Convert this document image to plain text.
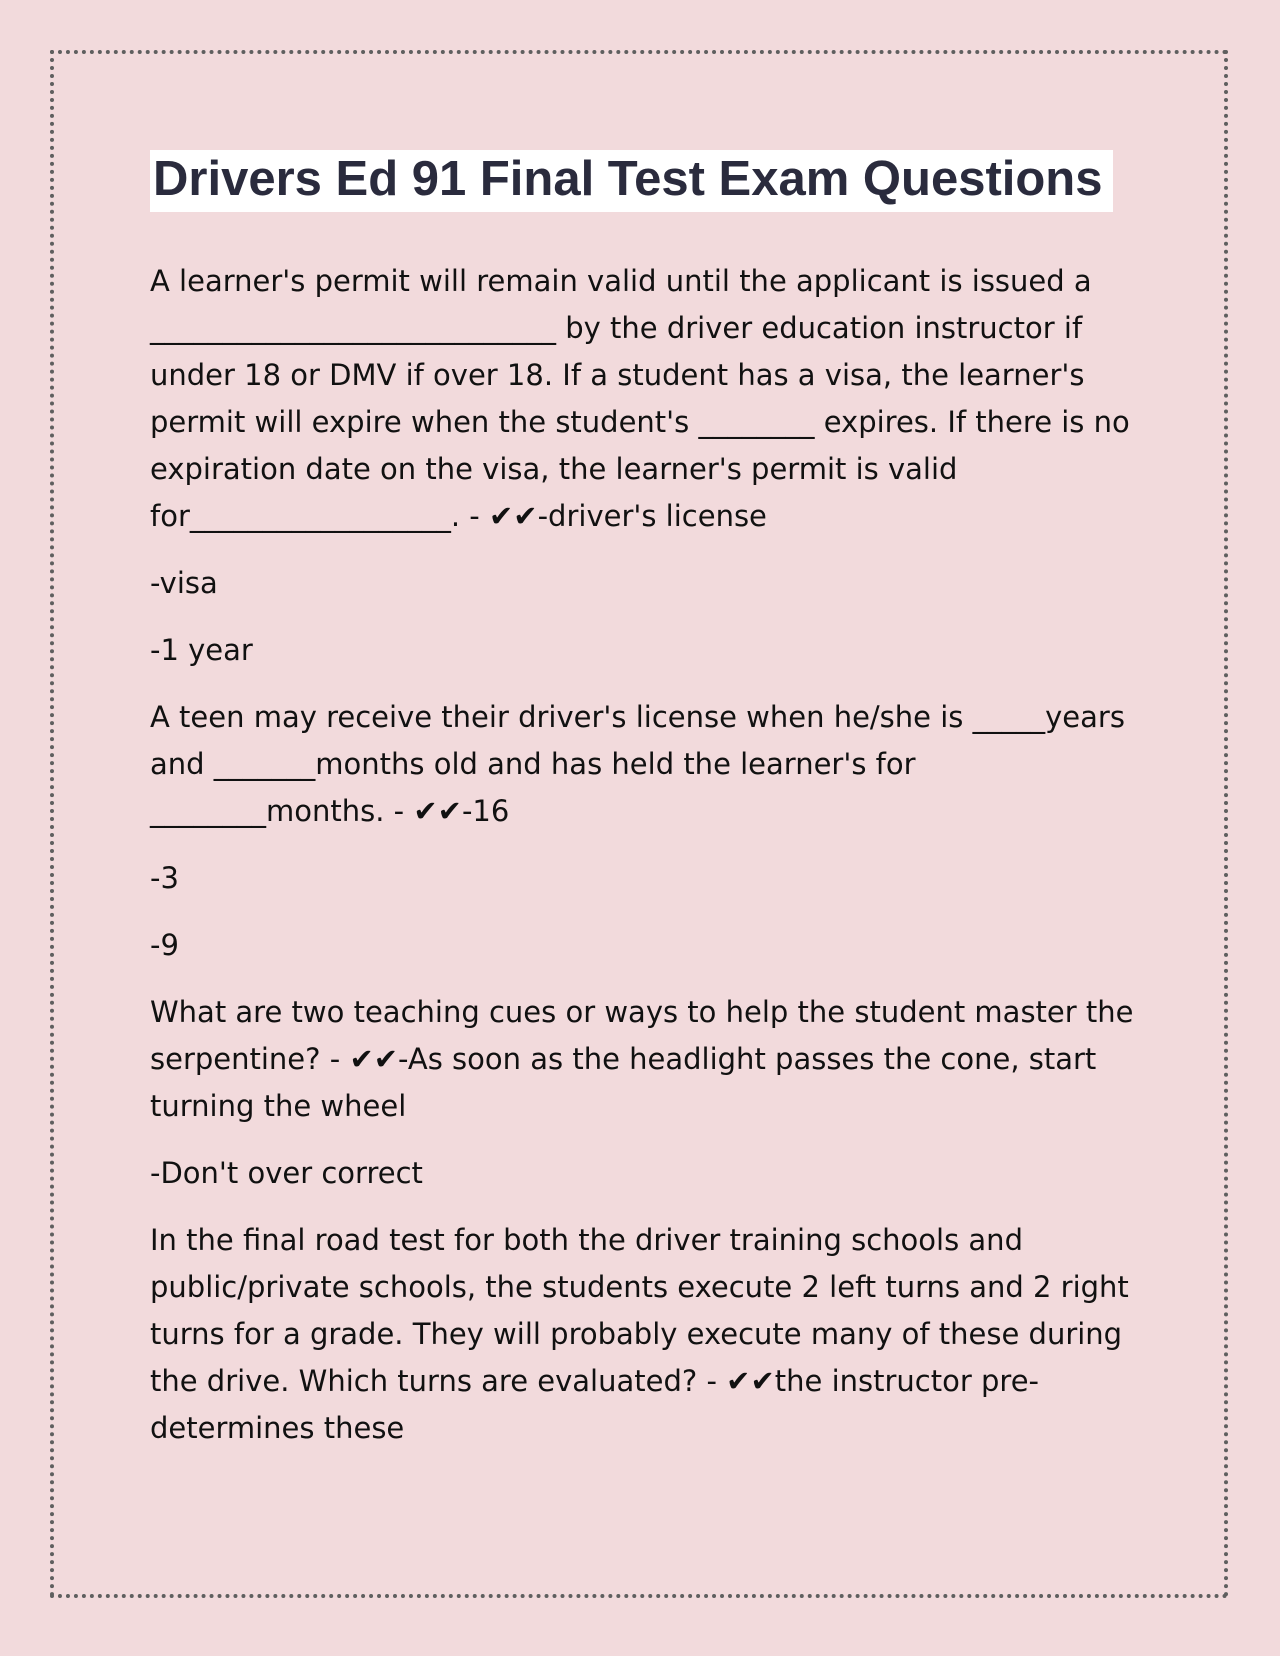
Drivers Ed 91 Final Test Exam Questions

A learner's permit will remain valid until the applicant is issued a ____________________________ by the driver education instructor if under 18 or DMV if over 18. If a student has a visa, the learner's permit will expire when the student's ________ expires. If there is no expiration date on the visa, the learner's permit is valid for__________________. - ✔✔-driver's license

-visa

-1 year

A teen may receive their driver's license when he/she is _____years and _______months old and has held the learner's for ________months. - ✔✔-16

-3

-9

What are two teaching cues or ways to help the student master the serpentine? - ✔✔-As soon as the headlight passes the cone, start turning the wheel

-Don't over correct

In the final road test for both the driver training schools and public/private schools, the students execute 2 left turns and 2 right turns for a grade. They will probably execute many of these during the drive. Which turns are evaluated? - ✔✔the instructor pre-determines these
